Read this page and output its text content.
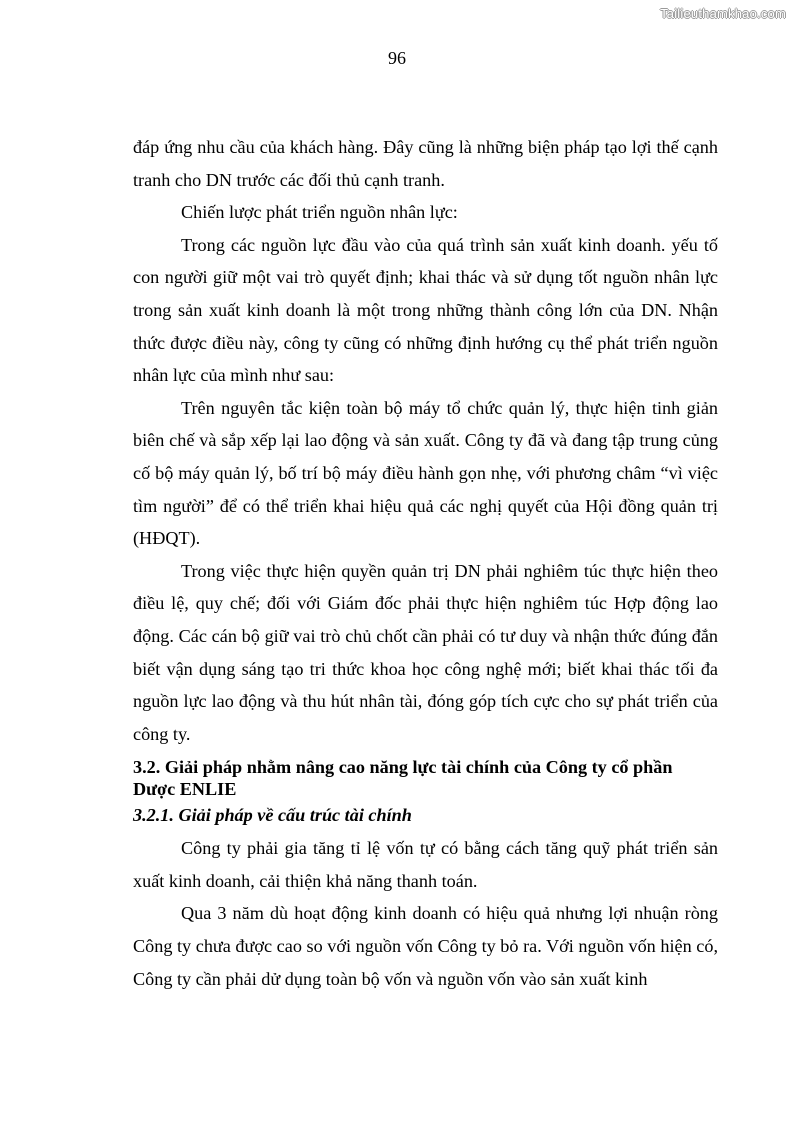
Tailieuthamkhao.com
96

đáp ứng nhu cầu của khách hàng. Đây cũng là những biện pháp tạo lợi thế cạnh tranh cho DN trước các đối thủ cạnh tranh.

Chiến lược phát triển nguồn nhân lực:

Trong các nguồn lực đầu vào của quá trình sản xuất kinh doanh. yếu tố con người giữ một vai trò quyết định; khai thác và sử dụng tốt nguồn nhân lực trong sản xuất kinh doanh là một trong những thành công lớn của DN. Nhận thức được điều này, công ty cũng có những định hướng cụ thể phát triển nguồn nhân lực của mình như sau:

Trên nguyên tắc kiện toàn bộ máy tổ chức quản lý, thực hiện tinh giản biên chế và sắp xếp lại lao động và sản xuất. Công ty đã và đang tập trung củng cố bộ máy quản lý, bố trí bộ máy điều hành gọn nhẹ, với phương châm “vì việc tìm người” để có thể triển khai hiệu quả các nghị quyết của Hội đồng quản trị (HĐQT).

Trong việc thực hiện quyền quản trị DN phải nghiêm túc thực hiện theo điều lệ, quy chế; đối với Giám đốc phải thực hiện nghiêm túc Hợp động lao động. Các cán bộ giữ vai trò chủ chốt cần phải có tư duy và nhận thức đúng đắn biết vận dụng sáng tạo tri thức khoa học công nghệ mới; biết khai thác tối đa nguồn lực lao động và thu hút nhân tài, đóng góp tích cực cho sự phát triển của công ty.

3.2. Giải pháp nhằm nâng cao năng lực tài chính của Công ty cổ phần Dược ENLIE

3.2.1. Giải pháp về cấu trúc tài chính

Công ty phải gia tăng tỉ lệ vốn tự có bằng cách tăng quỹ phát triển sản xuất kinh doanh, cải thiện khả năng thanh toán.

Qua 3 năm dù hoạt động kinh doanh có hiệu quả nhưng lợi nhuận ròng Công ty chưa được cao so với nguồn vốn Công ty bỏ ra. Với nguồn vốn hiện có, Công ty cần phải dử dụng toàn bộ vốn và nguồn vốn vào sản xuất kinh
